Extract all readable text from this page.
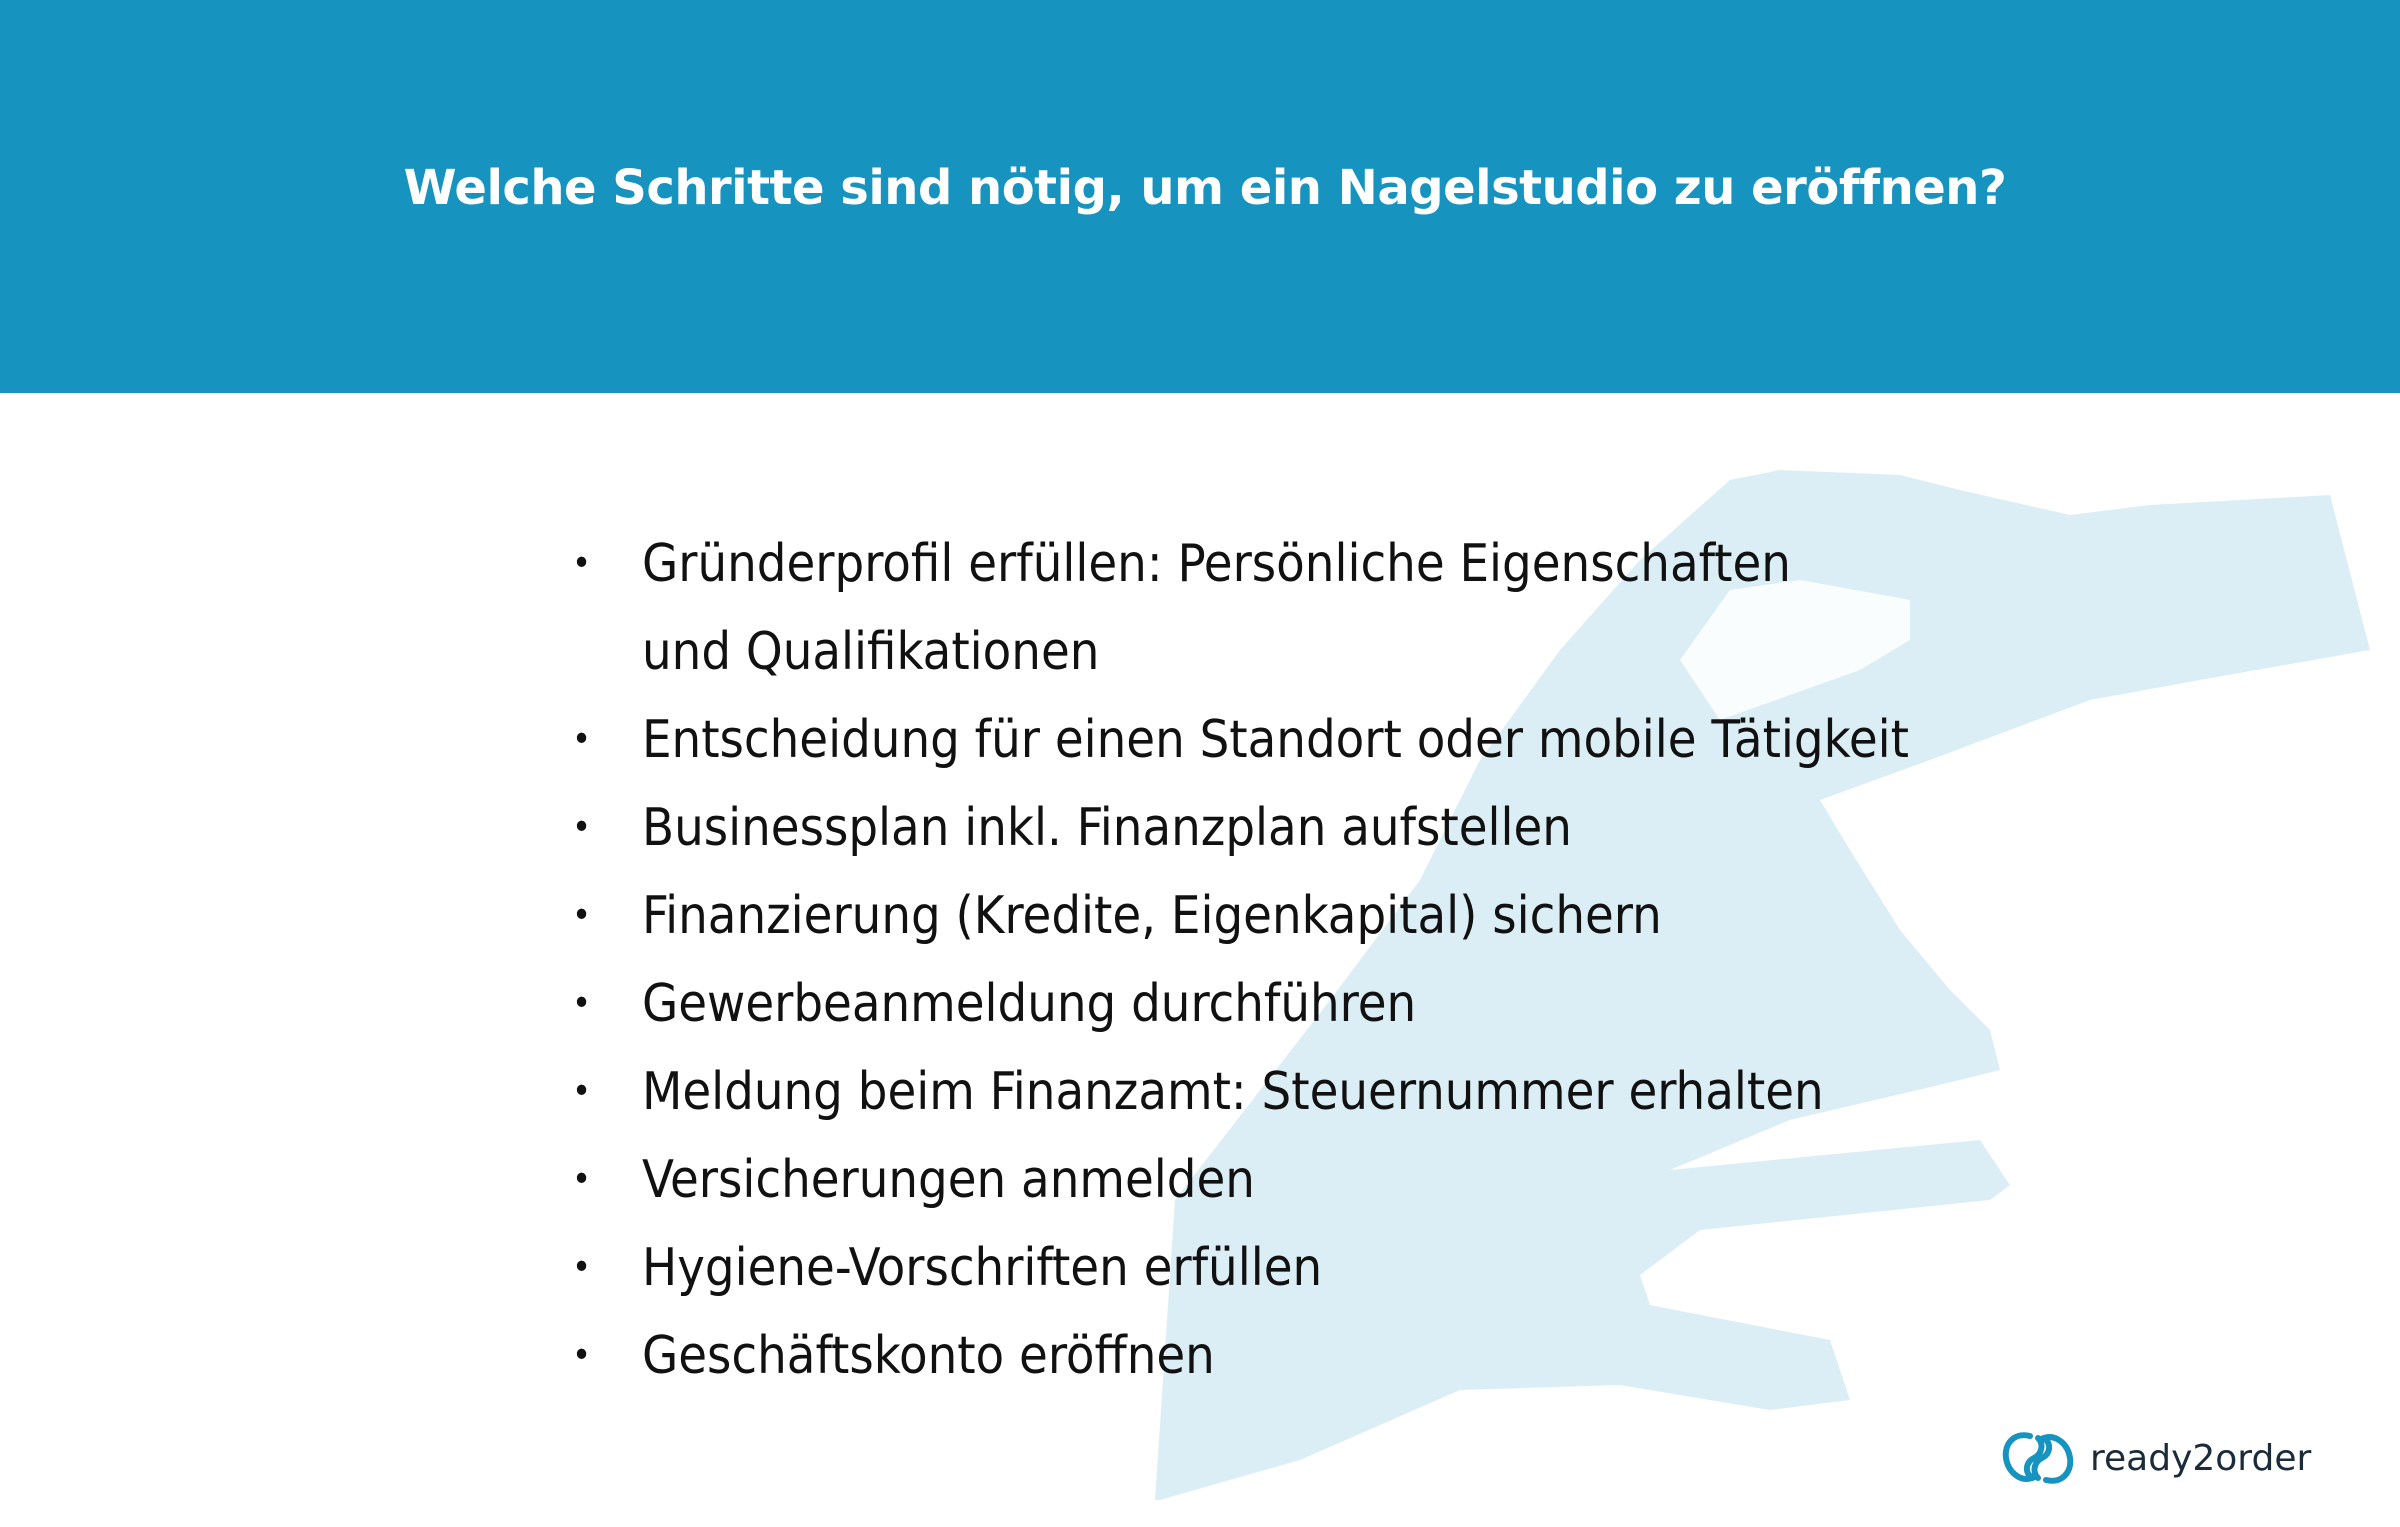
Welche Schritte sind nötig, um ein Nagelstudio zu eröffnen?
• Gründerprofil erfüllen: Persönliche Eigenschaften
und Qualifikationen
• Entscheidung für einen Standort oder mobile Tätigkeit
• Businessplan inkl. Finanzplan aufstellen
• Finanzierung (Kredite, Eigenkapital) sichern
• Gewerbeanmeldung durchführen
• Meldung beim Finanzamt: Steuernummer erhalten
• Versicherungen anmelden
• Hygiene-Vorschriften erfüllen
• Geschäftskonto eröffnen
ready2order
